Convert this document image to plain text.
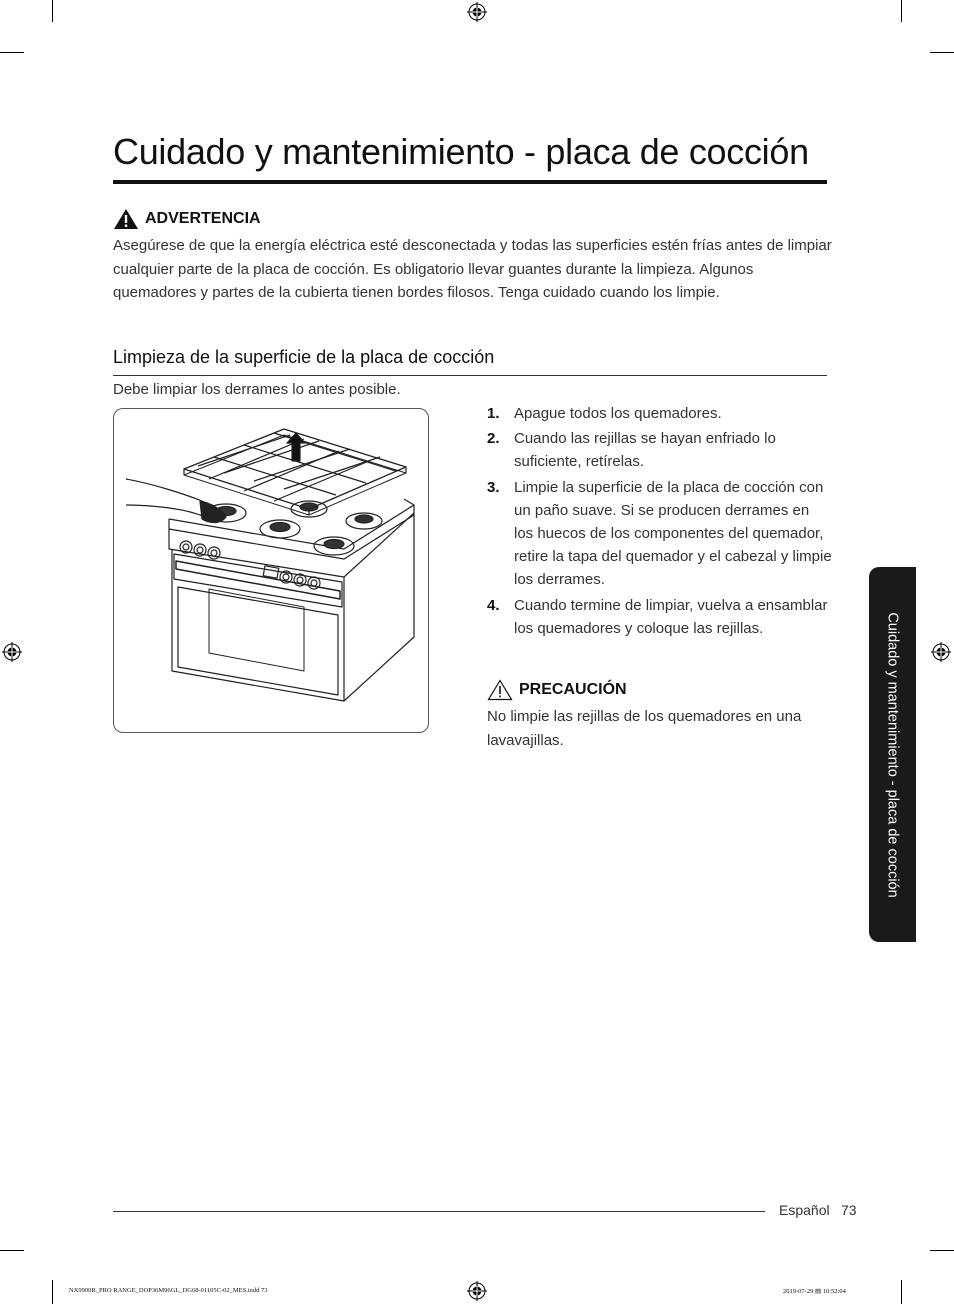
Cuidado y mantenimiento - placa de cocción
ADVERTENCIA
Asegúrese de que la energía eléctrica esté desconectada y todas las superficies estén frías antes de limpiar cualquier parte de la placa de cocción. Es obligatorio llevar guantes durante la limpieza. Algunos quemadores y partes de la cubierta tienen bordes filosos. Tenga cuidado cuando los limpie.
Limpieza de la superficie de la placa de cocción
Debe limpiar los derrames lo antes posible.
1. Apague todos los quemadores.
2. Cuando las rejillas se hayan enfriado lo suficiente, retírelas.
3. Limpie la superficie de la placa de cocción con un paño suave. Si se producen derrames en los huecos de los componentes del quemador, retire la tapa del quemador y el cabezal y limpie los derrames.
4. Cuando termine de limpiar, vuelva a ensamblar los quemadores y coloque las rejillas.
PRECAUCIÓN
No limpie las rejillas de los quemadores en una lavavajillas.	Cuidado y mantenimiento - placa de cocción
Español 73
NX9900R_PRO RANGE_DOP36M96GL_DG68-01105C-02_MES.indd 73	2019-07-29 ▤ 10:52:04
